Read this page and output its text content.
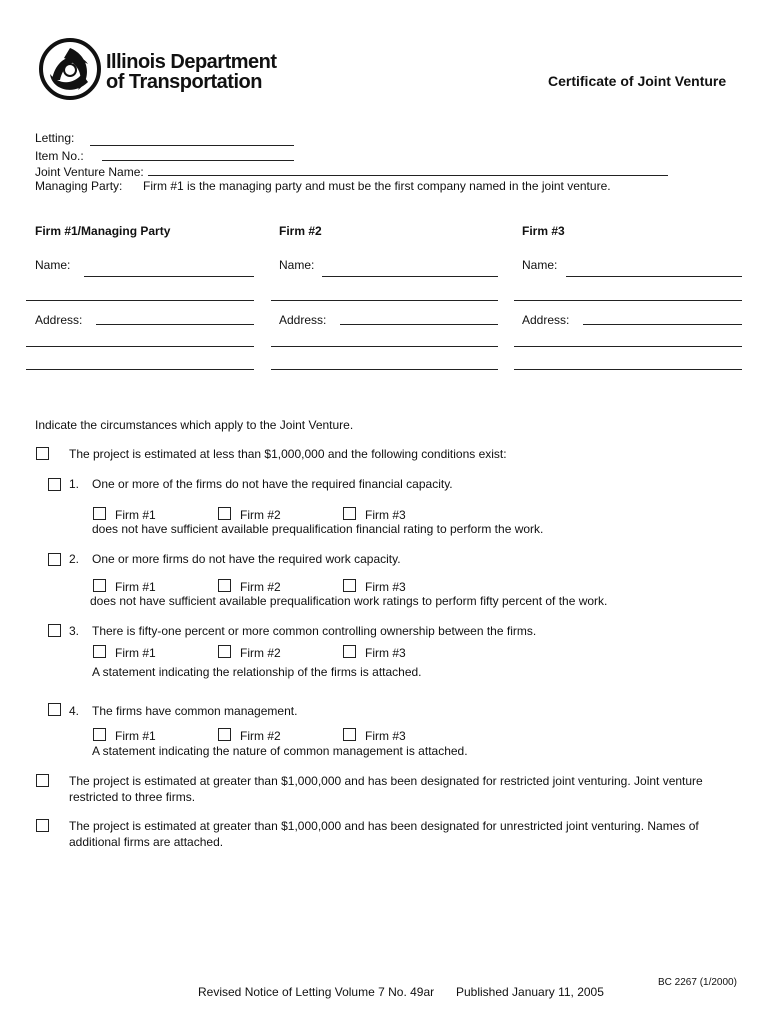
Illinois Department
of Transportation	Certificate of Joint Venture
Letting:
Item No.:
Joint Venture Name:
Managing Party: Firm #1 is the managing party and must be the first company named in the joint venture.
Firm #1/Managing Party	Firm #2	Firm #3
Name:	Name:	Name:
Address:	Address:	Address:
Indicate the circumstances which apply to the Joint Venture.
The project is estimated at less than $1,000,000 and the following conditions exist:
1. One or more of the firms do not have the required financial capacity.
Firm #1	Firm #2	Firm #3
does not have sufficient available prequalification financial rating to perform the work.
2. One or more firms do not have the required work capacity.
Firm #1	Firm #2	Firm #3
does not have sufficient available prequalification work ratings to perform fifty percent of the work.
3. There is fifty-one percent or more common controlling ownership between the firms.
Firm #1	Firm #2	Firm #3
A statement indicating the relationship of the firms is attached.
4. The firms have common management.
Firm #1	Firm #2	Firm #3
A statement indicating the nature of common management is attached.
The project is estimated at greater than $1,000,000 and has been designated for restricted joint venturing. Joint venture restricted to three firms.
The project is estimated at greater than $1,000,000 and has been designated for unrestricted joint venturing. Names of additional firms are attached.
BC 2267 (1/2000)
Revised Notice of Letting Volume 7 No. 49ar Published January 11, 2005
